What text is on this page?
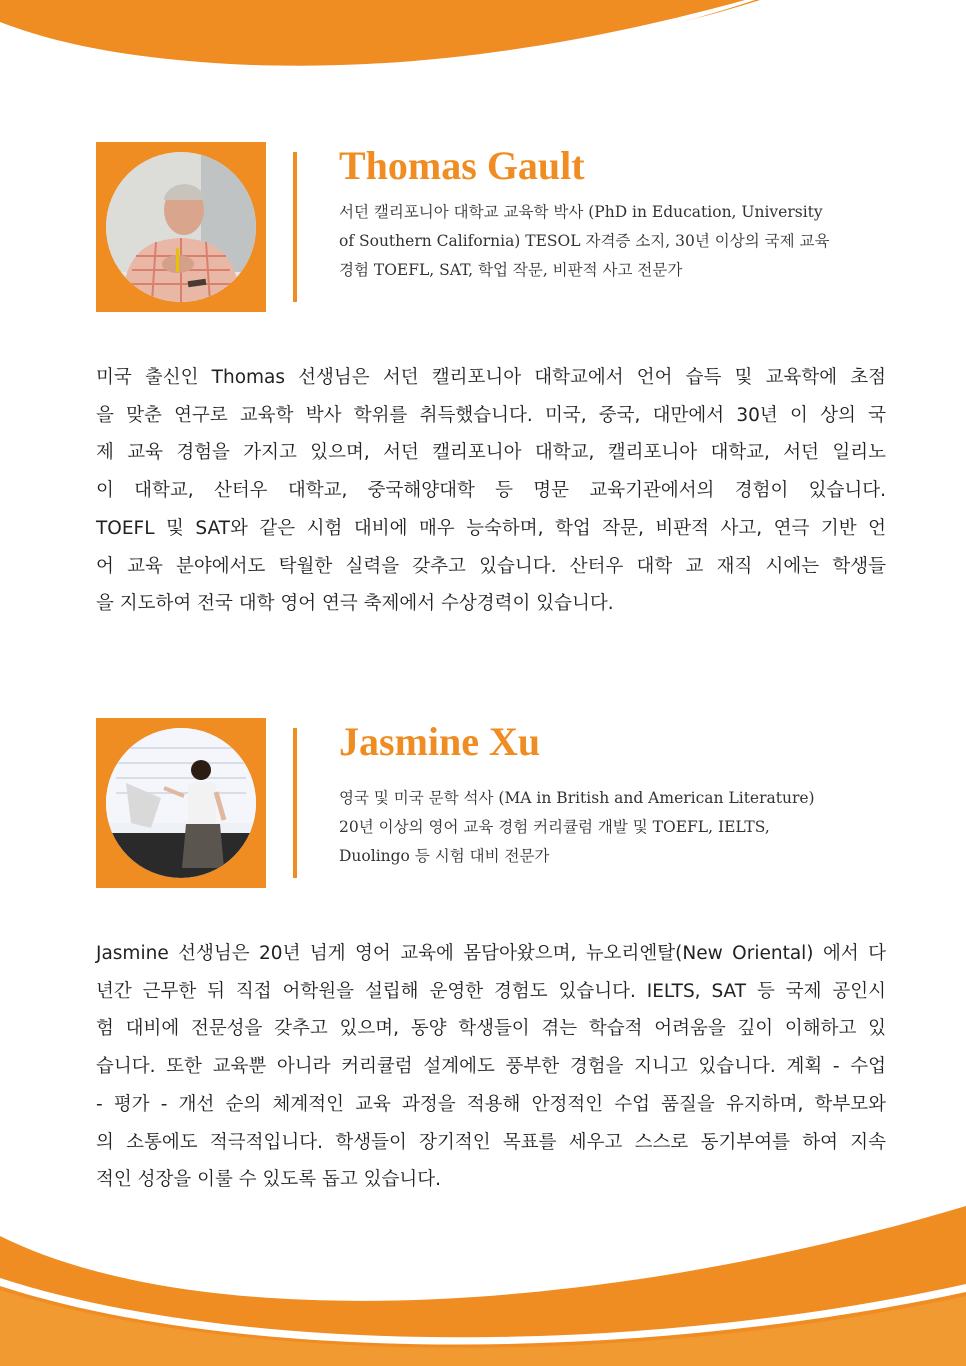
Thomas Gault
서던 캘리포니아 대학교 교육학 박사 (PhD in Education, University
of Southern California) TESOL 자격증 소지, 30년 이상의 국제 교육
경험 TOEFL, SAT, 학업 작문, 비판적 사고 전문가
미국 출신인 Thomas 선생님은 서던 캘리포니아 대학교에서 언어 습득 및 교육학에 초점
을 맞춘 연구로 교육학 박사 학위를 취득했습니다. 미국, 중국, 대만에서 30년 이 상의 국
제 교육 경험을 가지고 있으며, 서던 캘리포니아 대학교, 캘리포니아 대학교, 서던 일리노
이 대학교, 산터우 대학교, 중국해양대학 등 명문 교육기관에서의 경험이 있습니다.
TOEFL 및 SAT와 같은 시험 대비에 매우 능숙하며, 학업 작문, 비판적 사고, 연극 기반 언
어 교육 분야에서도 탁월한 실력을 갖추고 있습니다. 산터우 대학 교 재직 시에는 학생들
을 지도하여 전국 대학 영어 연극 축제에서 수상경력이 있습니다.
Jasmine Xu
영국 및 미국 문학 석사 (MA in British and American Literature)
20년 이상의 영어 교육 경험 커리큘럼 개발 및 TOEFL, IELTS,
Duolingo 등 시험 대비 전문가
Jasmine 선생님은 20년 넘게 영어 교육에 몸담아왔으며, 뉴오리엔탈(New Oriental) 에서 다
년간 근무한 뒤 직접 어학원을 설립해 운영한 경험도 있습니다. IELTS, SAT 등 국제 공인시
험 대비에 전문성을 갖추고 있으며, 동양 학생들이 겪는 학습적 어려움을 깊이 이해하고 있
습니다. 또한 교육뿐 아니라 커리큘럼 설계에도 풍부한 경험을 지니고 있습니다. 계획 - 수업
- 평가 - 개선 순의 체계적인 교육 과정을 적용해 안정적인 수업 품질을 유지하며, 학부모와
의 소통에도 적극적입니다. 학생들이 장기적인 목표를 세우고 스스로 동기부여를 하여 지속
적인 성장을 이룰 수 있도록 돕고 있습니다.
